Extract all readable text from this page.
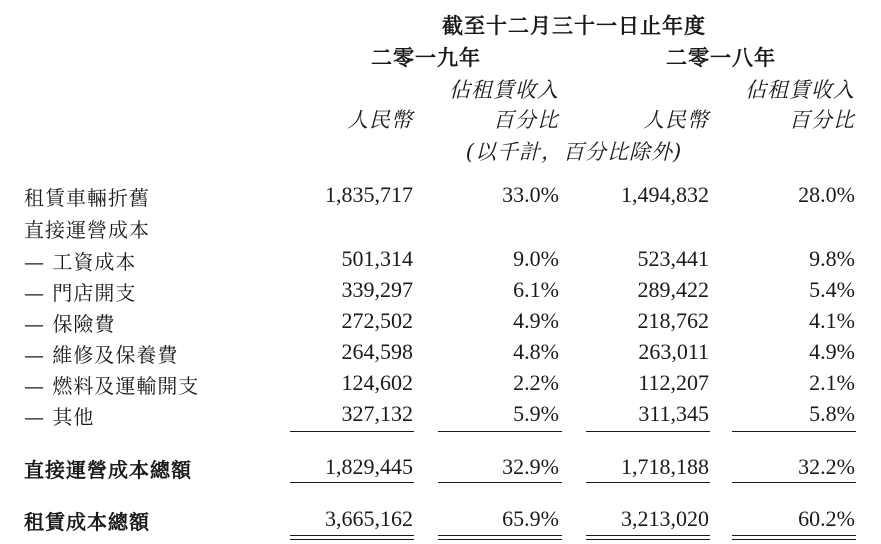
截至十二月三十一日止年度
二零一九年	二零一八年
佔租賃收入	佔租賃收入
人民幣	百分比	人民幣	百分比
(以千計，百分比除外)
租賃車輛折舊	1,835,717	33.0%	1,494,832	28.0%
直接運營成本
— 工資成本	501,314	9.0%	523,441	9.8%
— 門店開支	339,297	6.1%	289,422	5.4%
— 保險費	272,502	4.9%	218,762	4.1%
— 維修及保養費	264,598	4.8%	263,011	4.9%
— 燃料及運輸開支	124,602	2.2%	112,207	2.1%
— 其他	327,132	5.9%	311,345	5.8%
直接運營成本總額	1,829,445	32.9%	1,718,188	32.2%
租賃成本總額	3,665,162	65.9%	3,213,020	60.2%
